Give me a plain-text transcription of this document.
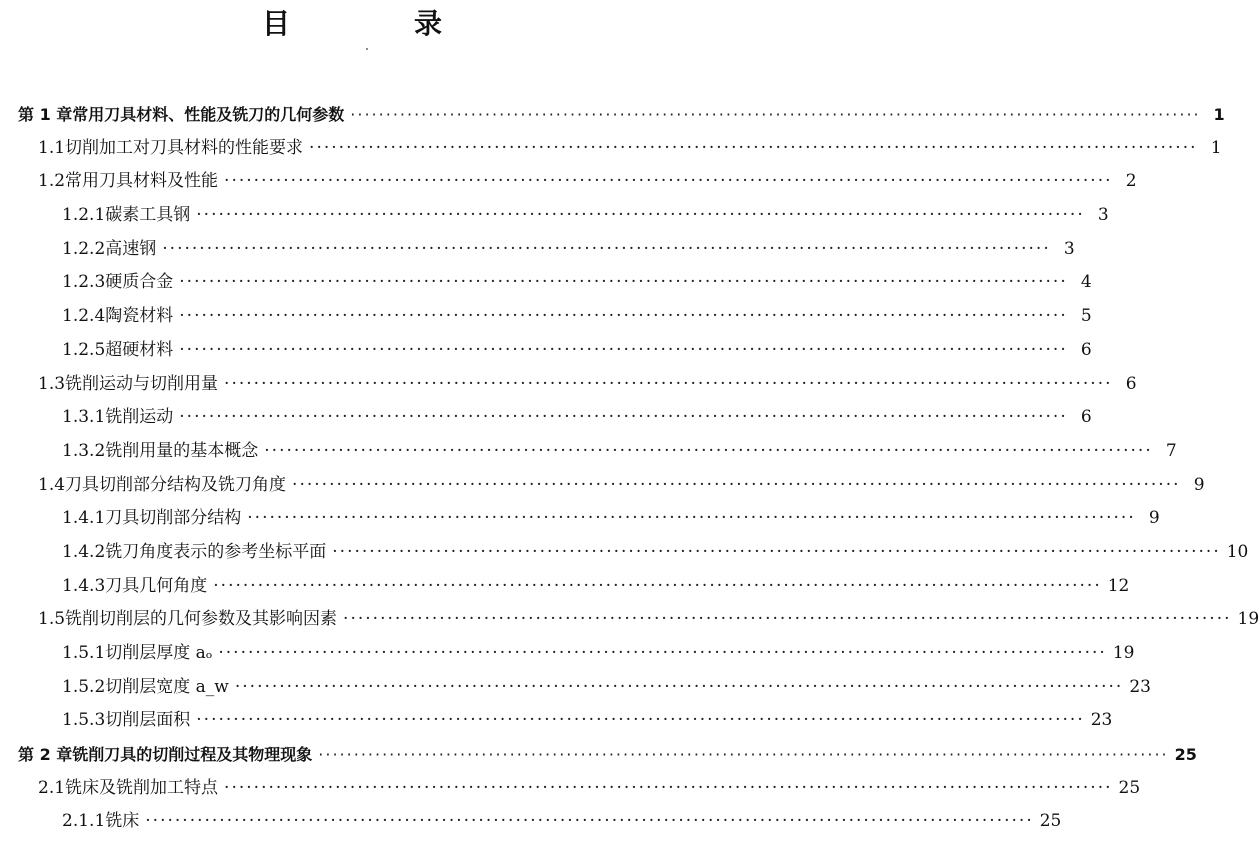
目　录
第 1 章 常用刀具材料、性能及铣刀的几何参数 ························································································································ 1
1.1 切削加工对刀具材料的性能要求 ························································································································ 1
1.2 常用刀具材料及性能 ························································································································ 2
1.2.1 碳素工具钢 ························································································································ 3
1.2.2 高速钢 ························································································································ 3
1.2.3 硬质合金 ························································································································ 4
1.2.4 陶瓷材料 ························································································································ 5
1.2.5 超硬材料 ························································································································ 6
1.3 铣削运动与切削用量 ························································································································ 6
1.3.1 铣削运动 ························································································································ 6
1.3.2 铣削用量的基本概念 ························································································································ 7
1.4 刀具切削部分结构及铣刀角度 ························································································································ 9
1.4.1 刀具切削部分结构 ························································································································ 9
1.4.2 铣刀角度表示的参考坐标平面 ························································································································ 10
1.4.3 刀具几何角度 ························································································································ 12
1.5 铣削切削层的几何参数及其影响因素 ························································································································ 19
1.5.1 切削层厚度 aₒ ························································································································ 19
1.5.2 切削层宽度 a_w ························································································································ 23
1.5.3 切削层面积 ························································································································ 23
第 2 章 铣削刀具的切削过程及其物理现象 ························································································································ 25
2.1 铣床及铣削加工特点 ························································································································ 25
2.1.1 铣床 ························································································································ 25
